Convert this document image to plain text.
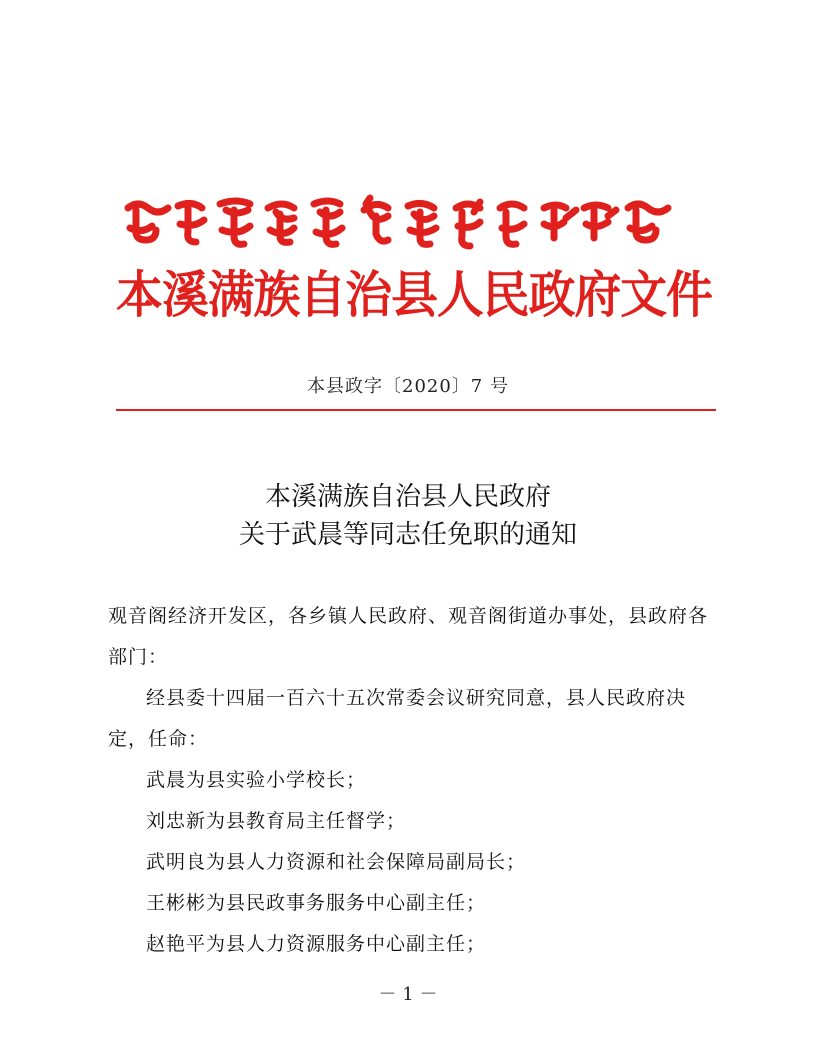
本溪满族自治县人民政府文件
本县政字〔2020〕7 号
本溪满族自治县人民政府
关于武晨等同志任免职的通知

观音阁经济开发区，各乡镇人民政府、观音阁街道办事处，县政府各部门：

经县委十四届一百六十五次常委会议研究同意，县人民政府决定，任命：

武晨为县实验小学校长；

刘忠新为县教育局主任督学；

武明良为县人力资源和社会保障局副局长；

王彬彬为县民政事务服务中心副主任；

赵艳平为县人力资源服务中心副主任；

－ 1 －
